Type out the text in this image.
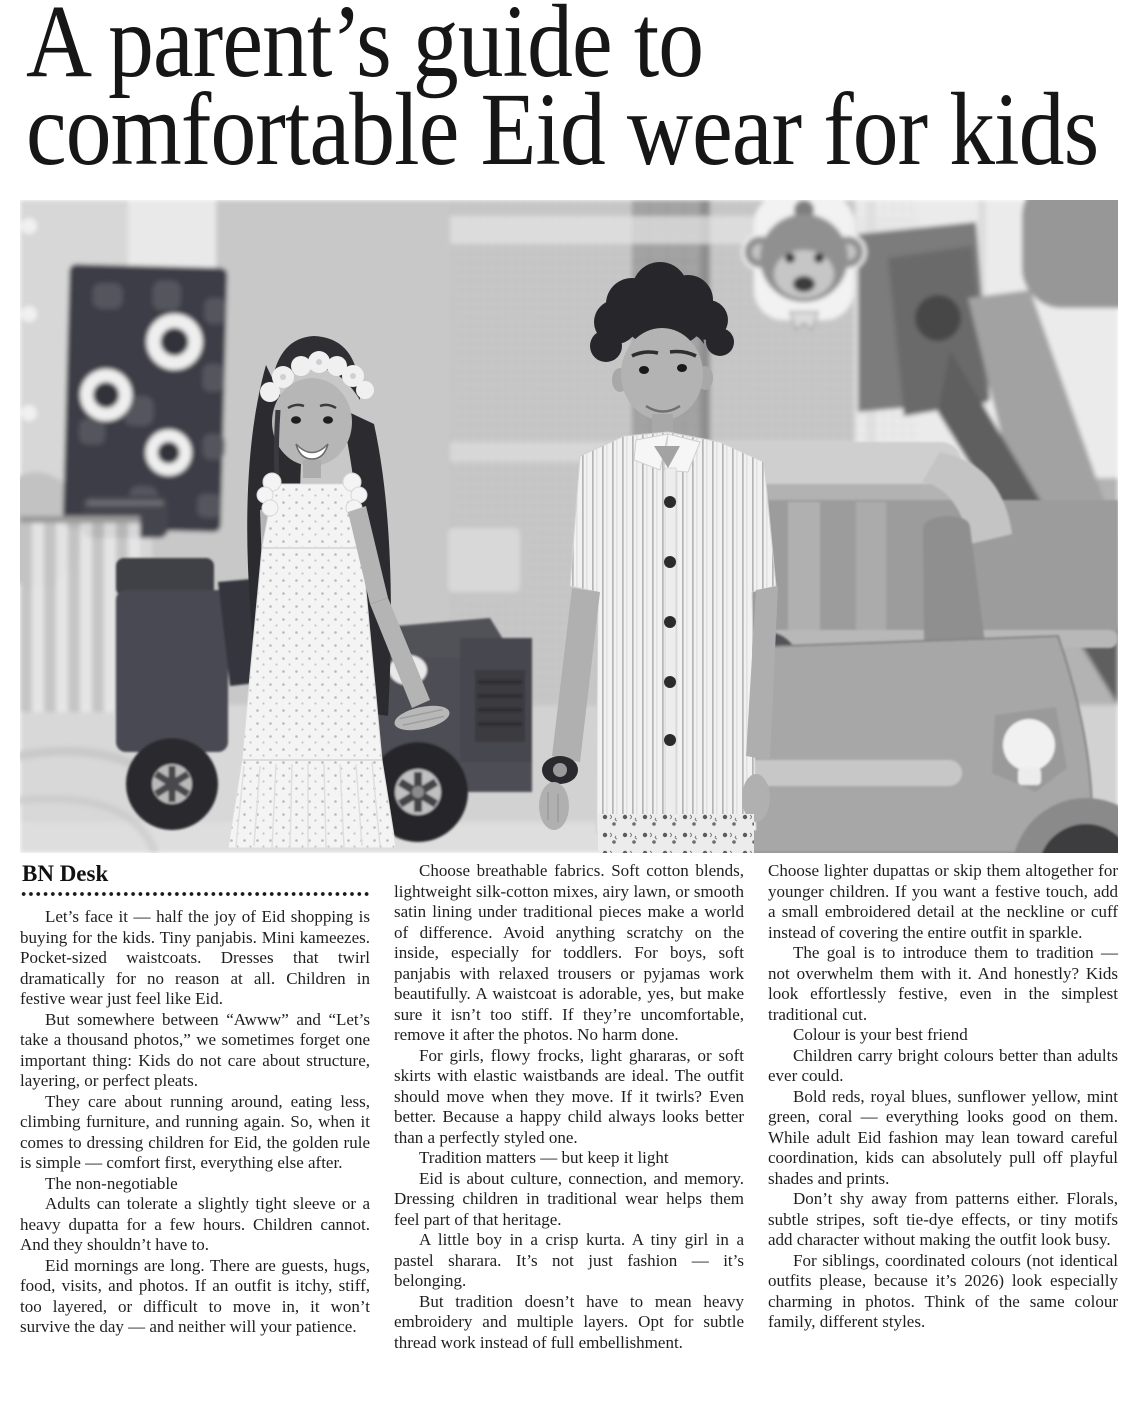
A parent’s guide to
comfortable Eid wear for kids
BN Desk

Let’s face it — half the joy of Eid shopping is buying for the kids. Tiny panjabis. Mini kameezes. Pocket-sized waistcoats. Dresses that twirl dramatically for no reason at all. Children in festive wear just feel like Eid.

But somewhere between “Awww” and “Let’s take a thousand photos,” we sometimes forget one important thing: Kids do not care about structure, layering, or perfect pleats.

They care about running around, eating less, climbing furniture, and running again. So, when it comes to dressing children for Eid, the golden rule is simple — comfort first, everything else after.

The non-negotiable

Adults can tolerate a slightly tight sleeve or a heavy dupatta for a few hours. Children cannot. And they shouldn’t have to.

Eid mornings are long. There are guests, hugs, food, visits, and photos. If an outfit is itchy, stiff, too layered, or difficult to move in, it won’t survive the day — and neither will your patience.

Choose breathable fabrics. Soft cotton blends, lightweight silk-cotton mixes, airy lawn, or smooth satin lining under traditional pieces make a world of difference. Avoid anything scratchy on the inside, especially for toddlers. For boys, soft panjabis with relaxed trousers or pyjamas work beautifully. A waistcoat is adorable, yes, but make sure it isn’t too stiff. If they’re uncomfortable, remove it after the photos. No harm done.

For girls, flowy frocks, light ghararas, or soft skirts with elastic waistbands are ideal. The outfit should move when they move. If it twirls? Even better. Because a happy child always looks better than a perfectly styled one.

Tradition matters — but keep it light

Eid is about culture, connection, and memory. Dressing children in traditional wear helps them feel part of that heritage.

A little boy in a crisp kurta. A tiny girl in a pastel sharara. It’s not just fashion — it’s belonging.

But tradition doesn’t have to mean heavy embroidery and multiple layers. Opt for subtle thread work instead of full embellishment.

Choose lighter dupattas or skip them altogether for younger children. If you want a festive touch, add a small embroidered detail at the neckline or cuff instead of covering the entire outfit in sparkle.

The goal is to introduce them to tradition — not overwhelm them with it. And honestly? Kids look effortlessly festive, even in the simplest traditional cut.

Colour is your best friend

Children carry bright colours better than adults ever could.

Bold reds, royal blues, sunflower yellow, mint green, coral — everything looks good on them. While adult Eid fashion may lean toward careful coordination, kids can absolutely pull off playful shades and prints.

Don’t shy away from patterns either. Florals, subtle stripes, soft tie-dye effects, or tiny motifs add character without making the outfit look busy.

For siblings, coordinated colours (not identical outfits please, because it’s 2026) look especially charming in photos. Think of the same colour family, different styles.
